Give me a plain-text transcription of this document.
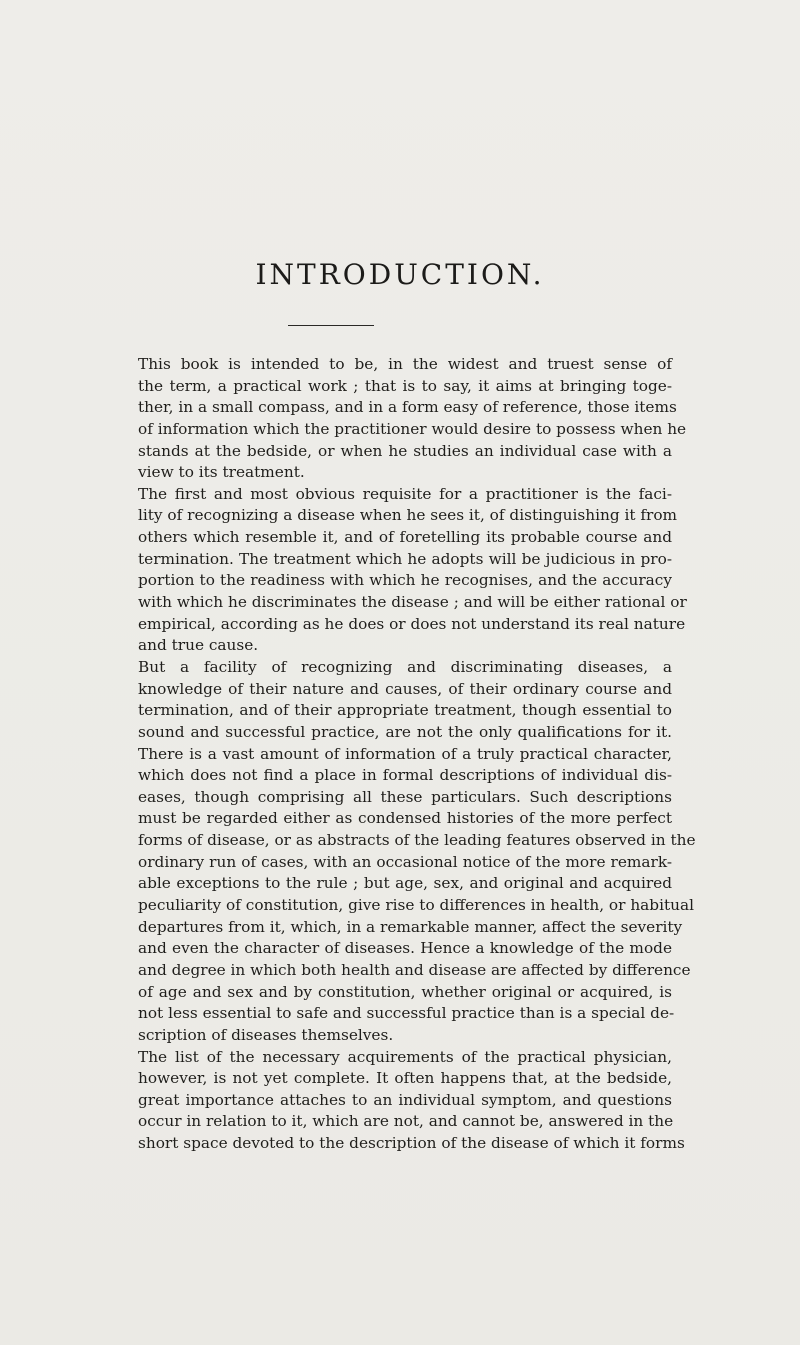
INTRODUCTION.
This book is intended to be, in the widest and truest sense of
the term, a practical work ; that is to say, it aims at bringing toge-
ther, in a small compass, and in a form easy of reference, those items
of information which the practitioner would desire to possess when he
stands at the bedside, or when he studies an individual case with a
view to its treatment.
The first and most obvious requisite for a practitioner is the faci-
lity of recognizing a disease when he sees it, of distinguishing it from
others which resemble it, and of foretelling its probable course and
termination. The treatment which he adopts will be judicious in pro-
portion to the readiness with which he recognises, and the accuracy
with which he discriminates the disease ; and will be either rational or
empirical, according as he does or does not understand its real nature
and true cause.
But a facility of recognizing and discriminating diseases, a
knowledge of their nature and causes, of their ordinary course and
termination, and of their appropriate treatment, though essential to
sound and successful practice, are not the only qualifications for it.
There is a vast amount of information of a truly practical character,
which does not find a place in formal descriptions of individual dis-
eases, though comprising all these particulars. Such descriptions
must be regarded either as condensed histories of the more perfect
forms of disease, or as abstracts of the leading features observed in the
ordinary run of cases, with an occasional notice of the more remark-
able exceptions to the rule ; but age, sex, and original and acquired
peculiarity of constitution, give rise to differences in health, or habitual
departures from it, which, in a remarkable manner, affect the severity
and even the character of diseases. Hence a knowledge of the mode
and degree in which both health and disease are affected by difference
of age and sex and by constitution, whether original or acquired, is
not less essential to safe and successful practice than is a special de-
scription of diseases themselves.
The list of the necessary acquirements of the practical physician,
however, is not yet complete. It often happens that, at the bedside,
great importance attaches to an individual symptom, and questions
occur in relation to it, which are not, and cannot be, answered in the
short space devoted to the description of the disease of which it forms
